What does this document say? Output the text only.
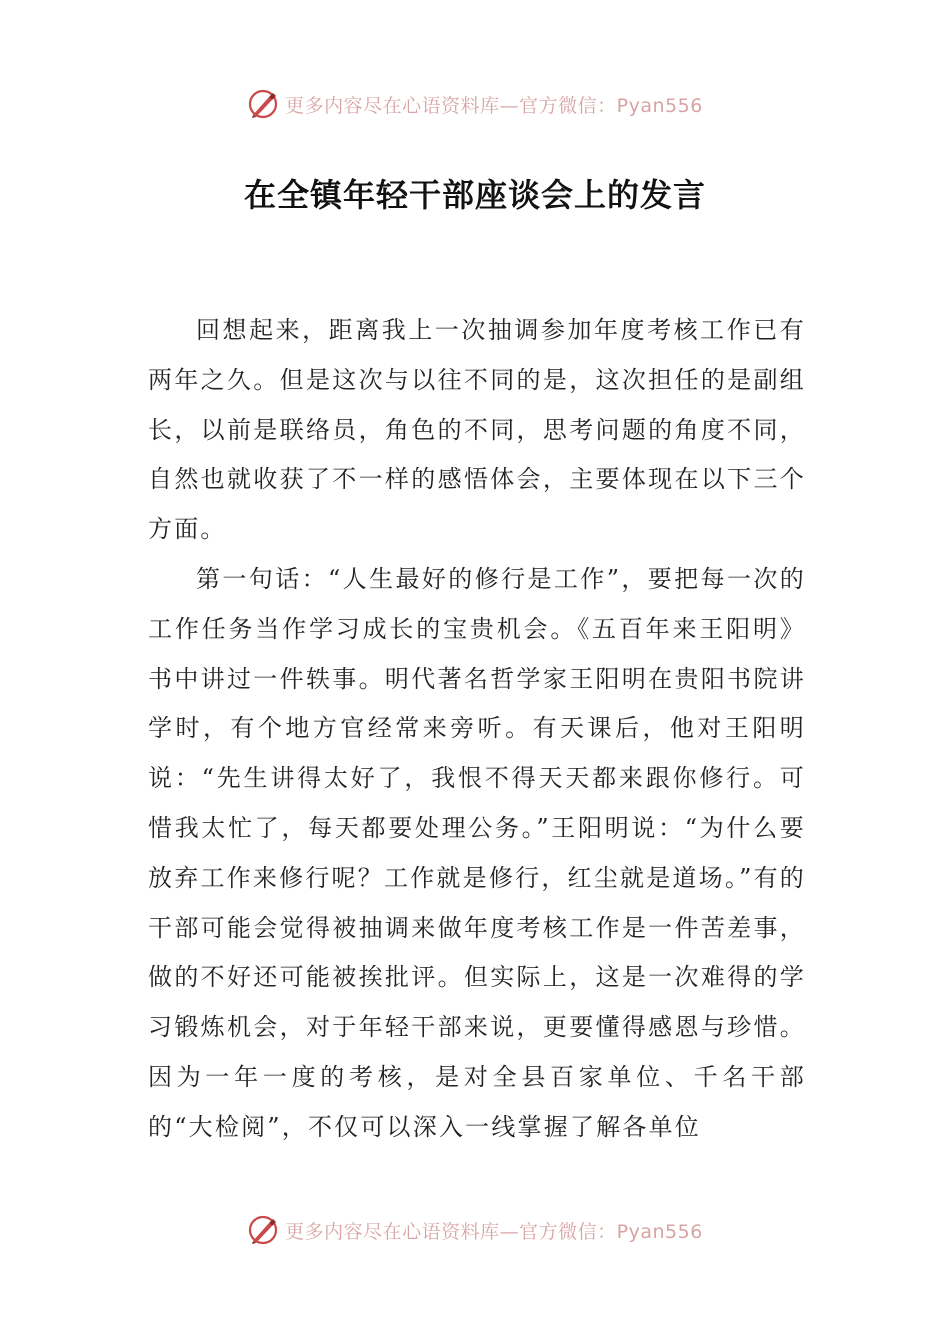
更多内容尽在心语资料库—官方微信：Pyan556
在全镇年轻干部座谈会上的发言

回想起来，距离我上一次抽调参加年度考核工作已有两年之久。但是这次与以往不同的是，这次担任的是副组长，以前是联络员，角色的不同，思考问题的角度不同，自然也就收获了不一样的感悟体会，主要体现在以下三个方面。

第一句话：“人生最好的修行是工作”，要把每一次的工作任务当作学习成长的宝贵机会。《五百年来王阳明》书中讲过一件轶事。明代著名哲学家王阳明在贵阳书院讲学时，有个地方官经常来旁听。有天课后，他对王阳明说：“先生讲得太好了，我恨不得天天都来跟你修行。可惜我太忙了，每天都要处理公务。”王阳明说：“为什么要放弃工作来修行呢？工作就是修行，红尘就是道场。”有的干部可能会觉得被抽调来做年度考核工作是一件苦差事，做的不好还可能被挨批评。但实际上，这是一次难得的学习锻炼机会，对于年轻干部来说，更要懂得感恩与珍惜。因为一年一度的考核，是对全县百家单位、千名干部的“大检阅”，不仅可以深入一线掌握了解各单位

更多内容尽在心语资料库—官方微信：Pyan556
